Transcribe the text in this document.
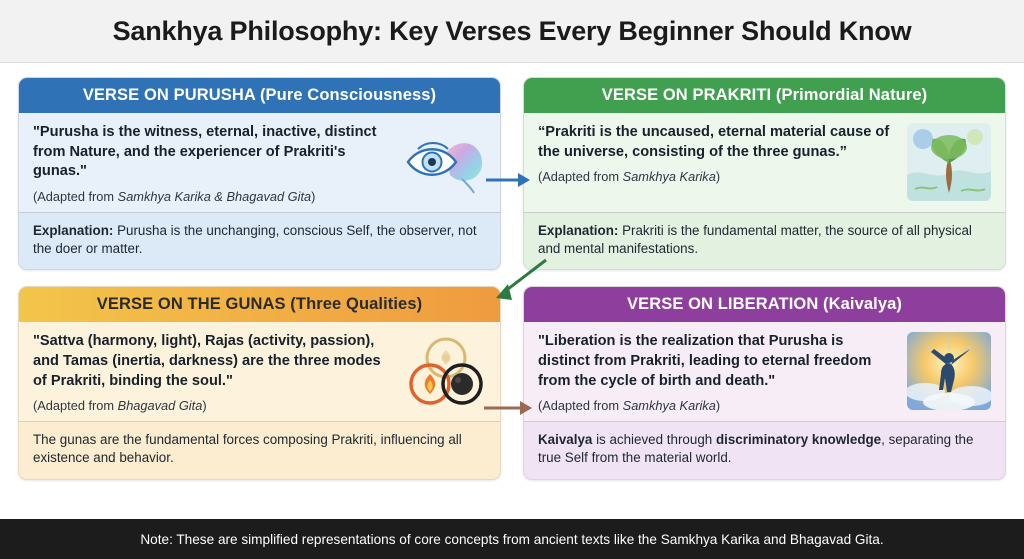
Sankhya Philosophy: Key Verses Every Beginner Should Know
VERSE ON PURUSHA (Pure Consciousness)
"Purusha is the witness, eternal, inactive, distinct from Nature, and the experiencer of Prakriti's gunas."
(Adapted from Samkhya Karika & Bhagavad Gita)
Explanation: Purusha is the unchanging, conscious Self, the observer, not the doer or matter.
VERSE ON PRAKRITI (Primordial Nature)
“Prakriti is the uncaused, eternal material cause of the universe, consisting of the three gunas.”
(Adapted from Samkhya Karika)
Explanation: Prakriti is the fundamental matter, the source of all physical and mental manifestations.
VERSE ON THE GUNAS (Three Qualities)
"Sattva (harmony, light), Rajas (activity, passion), and Tamas (inertia, darkness) are the three modes of Prakriti, binding the soul."
(Adapted from Bhagavad Gita)
The gunas are the fundamental forces composing Prakriti, influencing all existence and behavior.
VERSE ON LIBERATION (Kaivalya)
"Liberation is the realization that Purusha is distinct from Prakriti, leading to eternal freedom from the cycle of birth and death."
(Adapted from Samkhya Karika)
Kaivalya is achieved through discriminatory knowledge, separating the true Self from the material world.
Note: These are simplified representations of core concepts from ancient texts like the Samkhya Karika and Bhagavad Gita.
